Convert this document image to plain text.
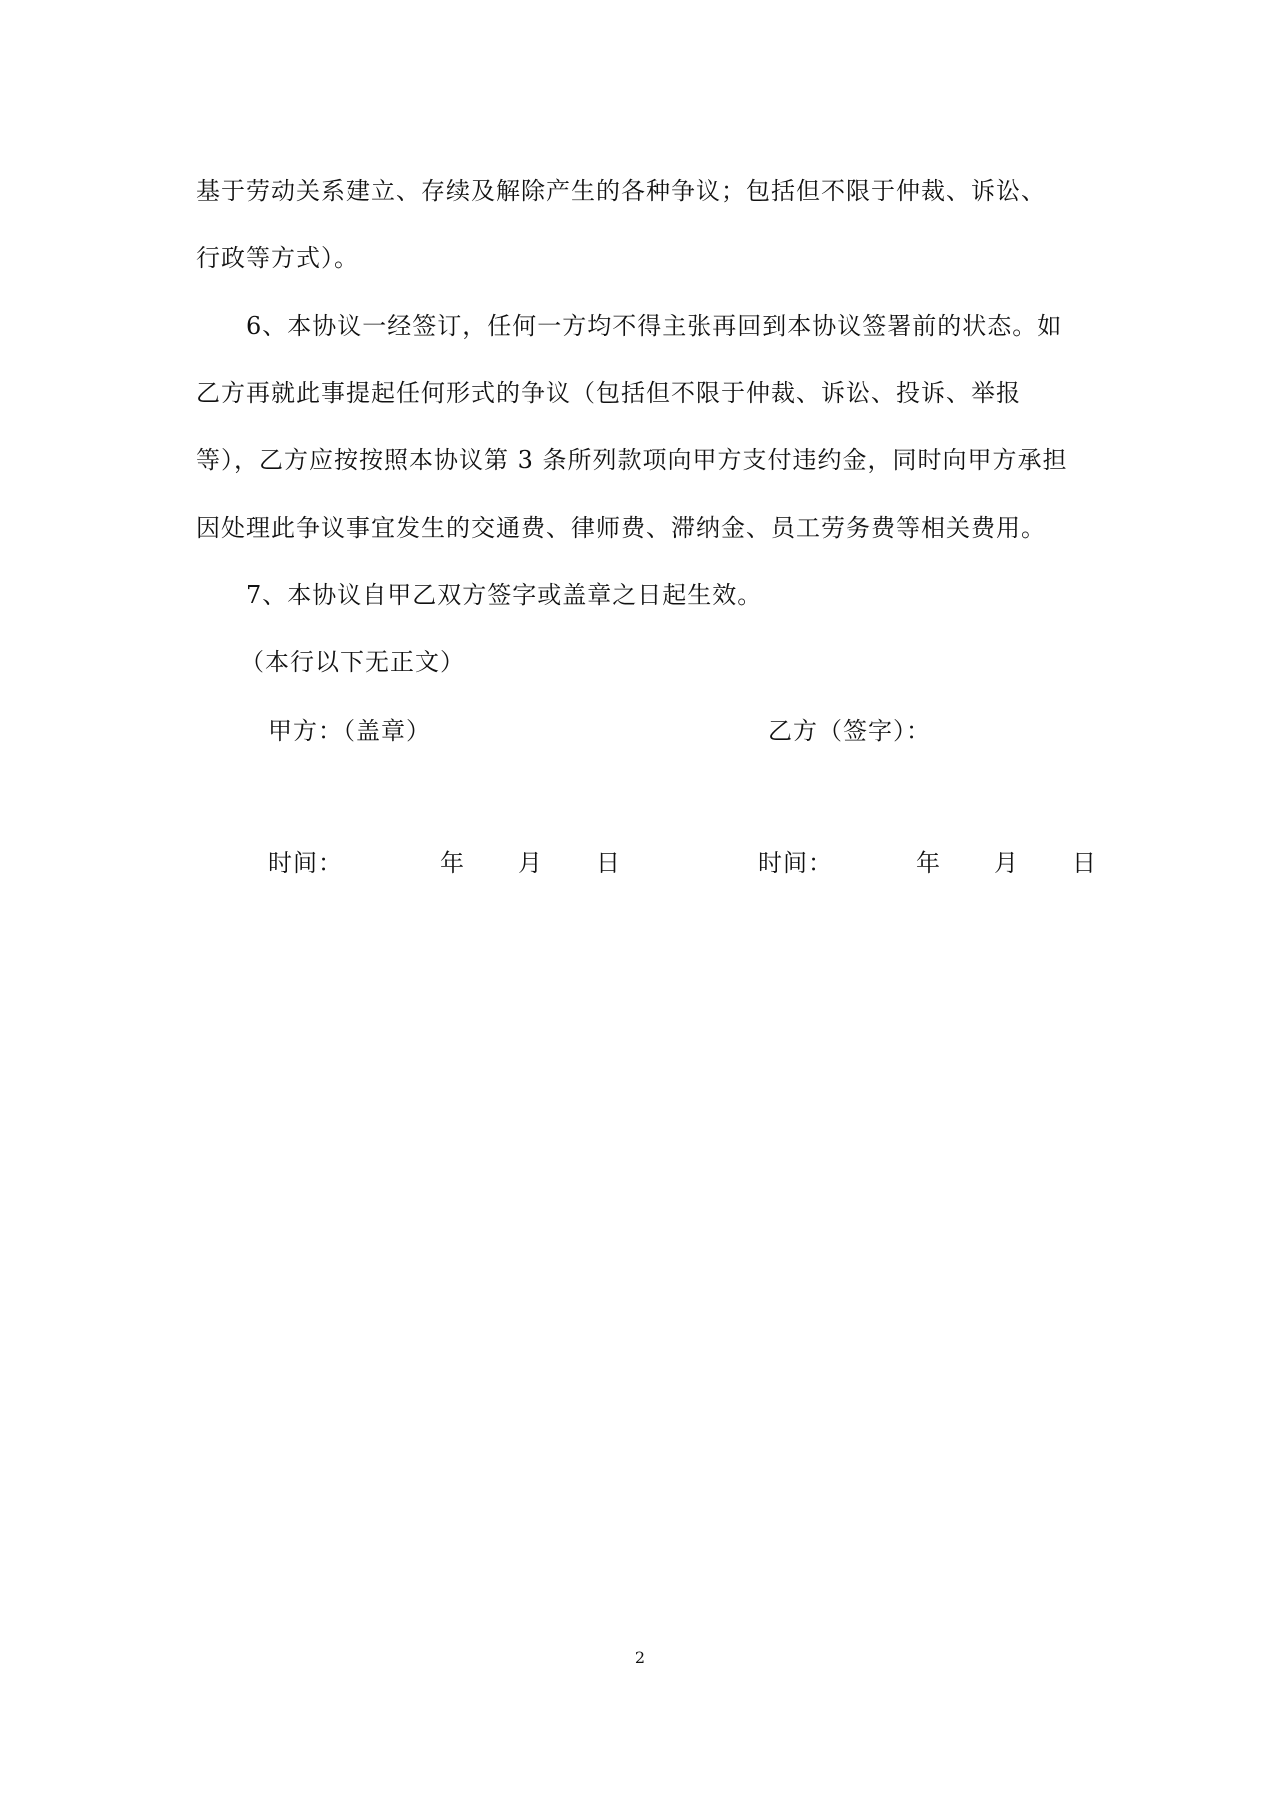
基于劳动关系建立、存续及解除产生的各种争议；包括但不限于仲裁、诉讼、
行政等方式）。
6、本协议一经签订，任何一方均不得主张再回到本协议签署前的状态。如
乙方再就此事提起任何形式的争议（包括但不限于仲裁、诉讼、投诉、举报
等），乙方应按按照本协议第 3 条所列款项向甲方支付违约金，同时向甲方承担
因处理此争议事宜发生的交通费、律师费、滞纳金、员工劳务费等相关费用。
7、本协议自甲乙双方签字或盖章之日起生效。
（本行以下无正文）
甲方：（盖章）	乙方（签字）：
时间：	年 月 日	时间：	年 月 日
2
